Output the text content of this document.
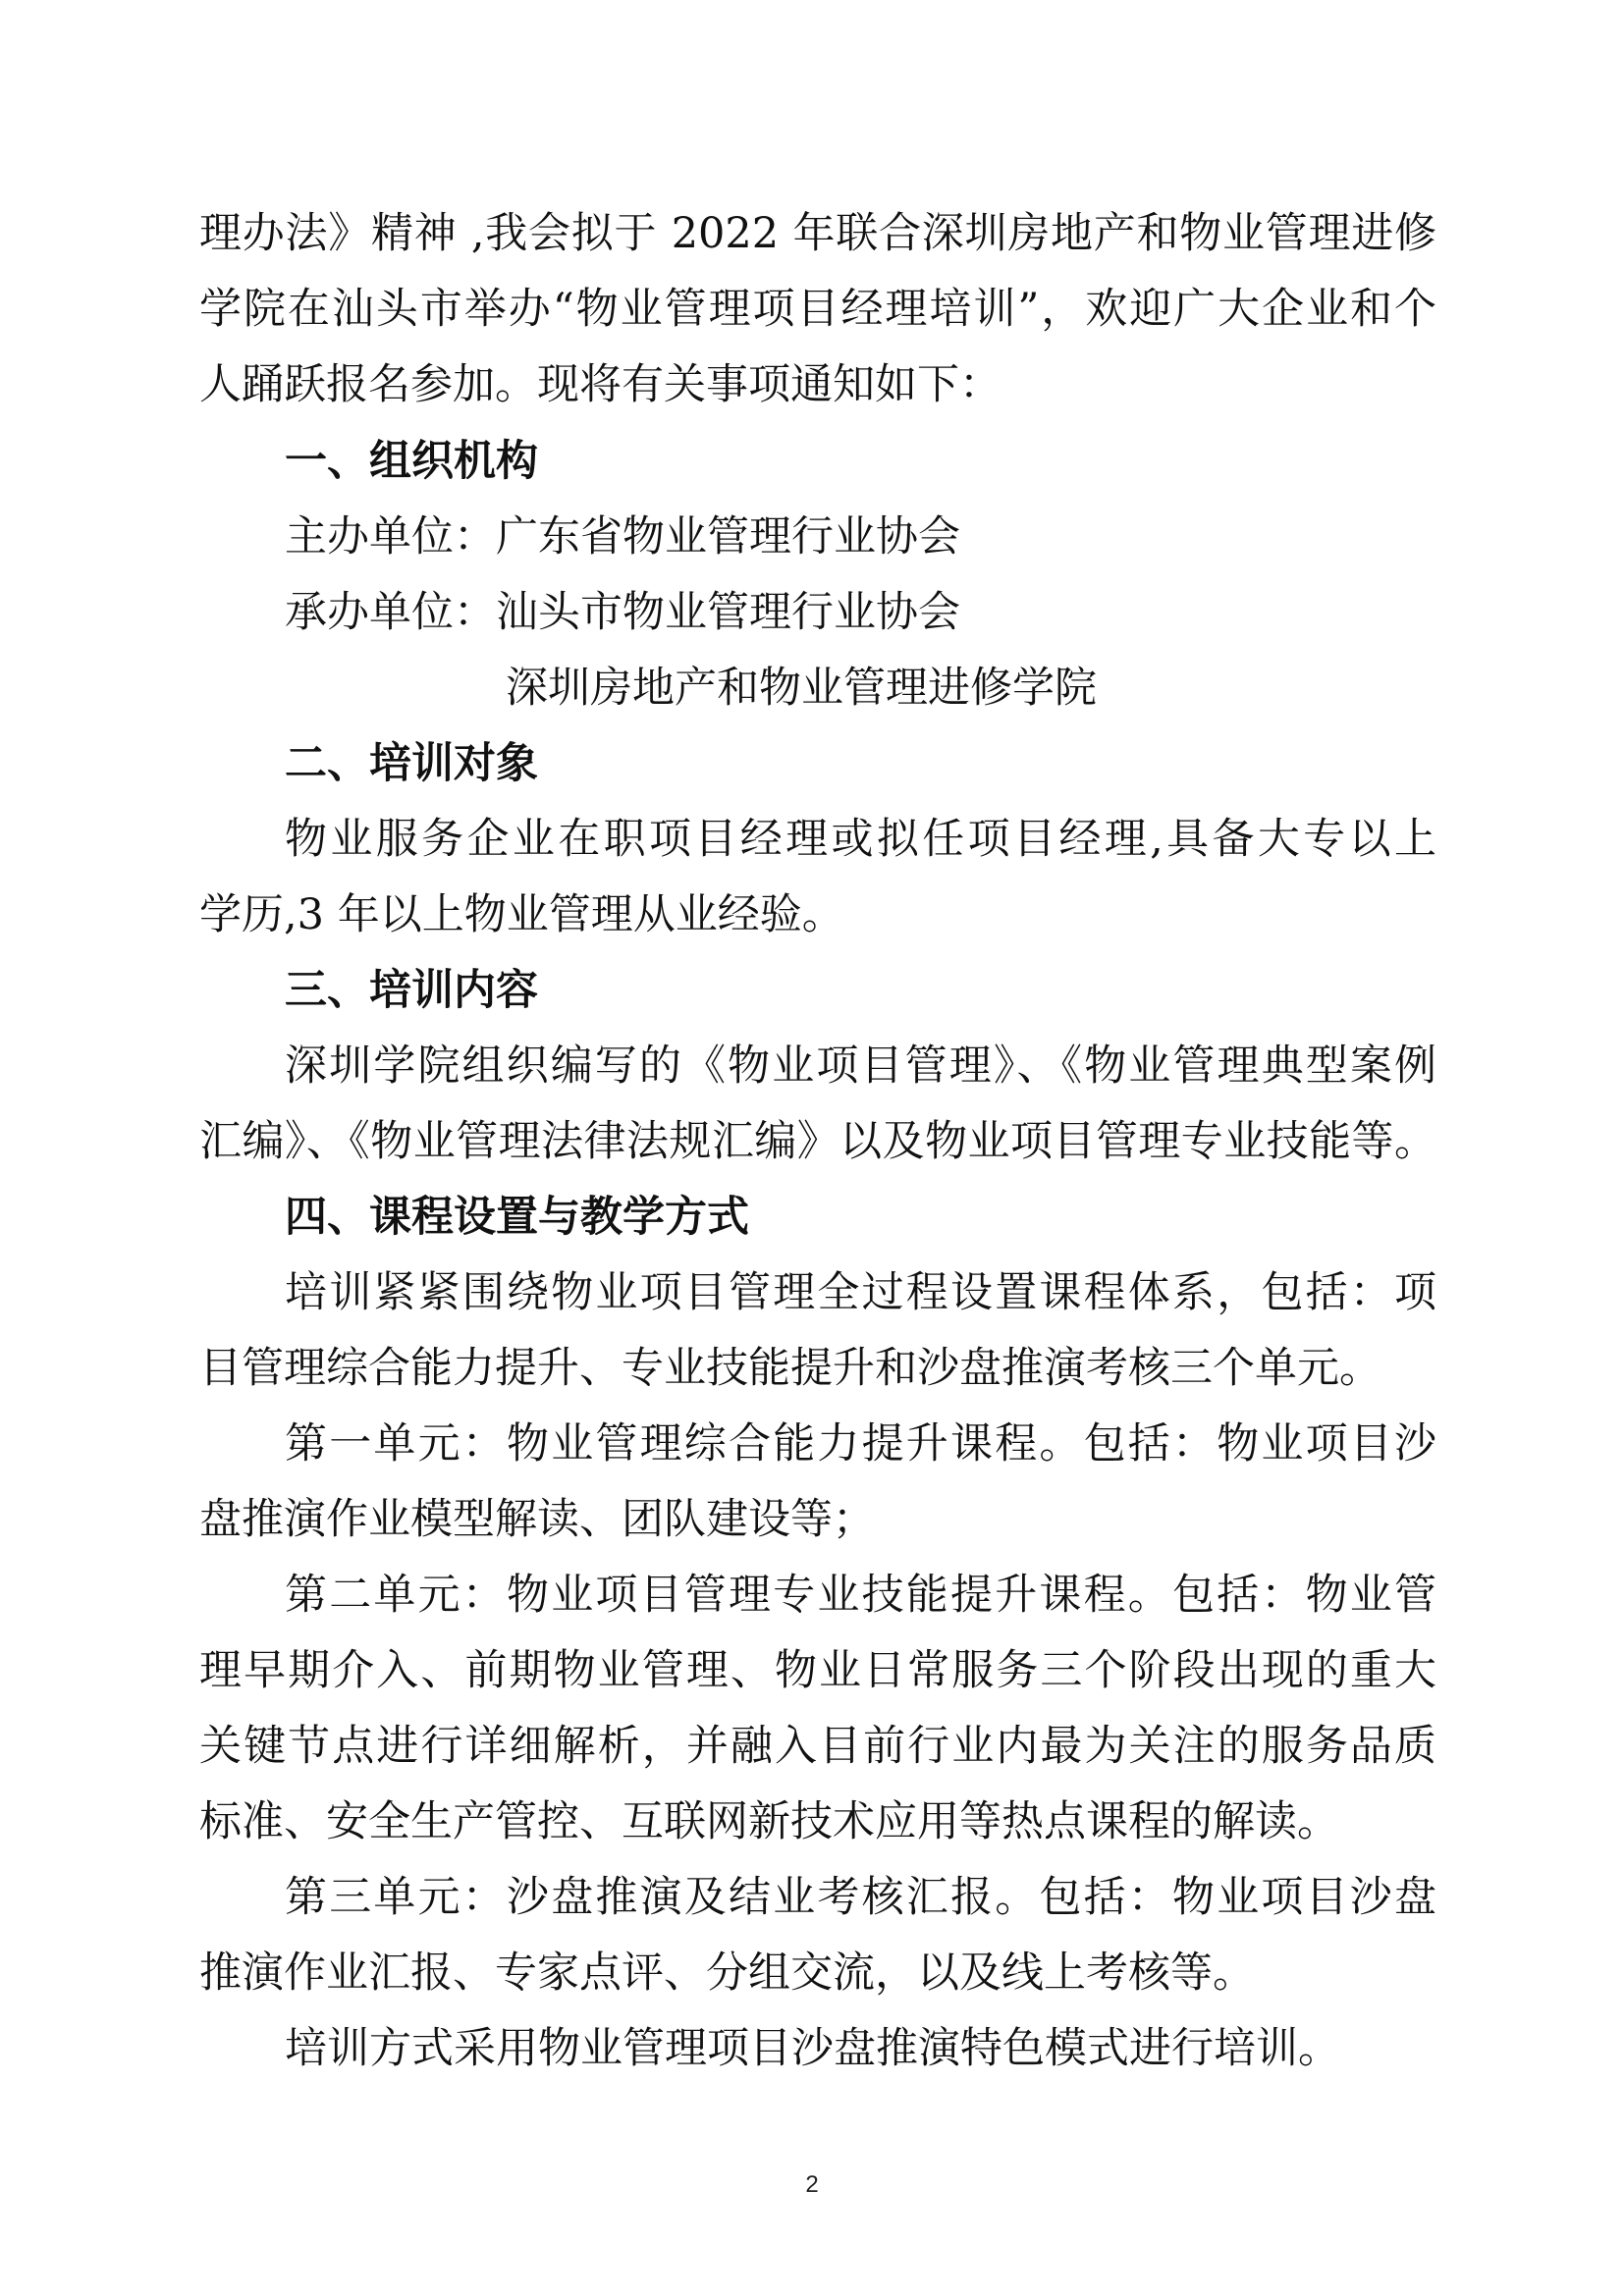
理办法》精神 ,我会拟于 2022 年联合深圳房地产和物业管理进修
学院在汕头市举办“物业管理项目经理培训”，欢迎广大企业和个
人踊跃报名参加。现将有关事项通知如下：
一、组织机构
主办单位：广东省物业管理行业协会
承办单位：汕头市物业管理行业协会
深圳房地产和物业管理进修学院
二、培训对象
物业服务企业在职项目经理或拟任项目经理,具备大专以上
学历,3 年以上物业管理从业经验。
三、培训内容
深圳学院组织编写的《物业项目管理》、《物业管理典型案例
汇编》、《物业管理法律法规汇编》以及物业项目管理专业技能等。
四、课程设置与教学方式
培训紧紧围绕物业项目管理全过程设置课程体系，包括：项
目管理综合能力提升、专业技能提升和沙盘推演考核三个单元。
第一单元：物业管理综合能力提升课程。包括：物业项目沙
盘推演作业模型解读、团队建设等；
第二单元：物业项目管理专业技能提升课程。包括：物业管
理早期介入、前期物业管理、物业日常服务三个阶段出现的重大
关键节点进行详细解析，并融入目前行业内最为关注的服务品质
标准、安全生产管控、互联网新技术应用等热点课程的解读。
第三单元：沙盘推演及结业考核汇报。包括：物业项目沙盘
推演作业汇报、专家点评、分组交流，以及线上考核等。
培训方式采用物业管理项目沙盘推演特色模式进行培训。
2
